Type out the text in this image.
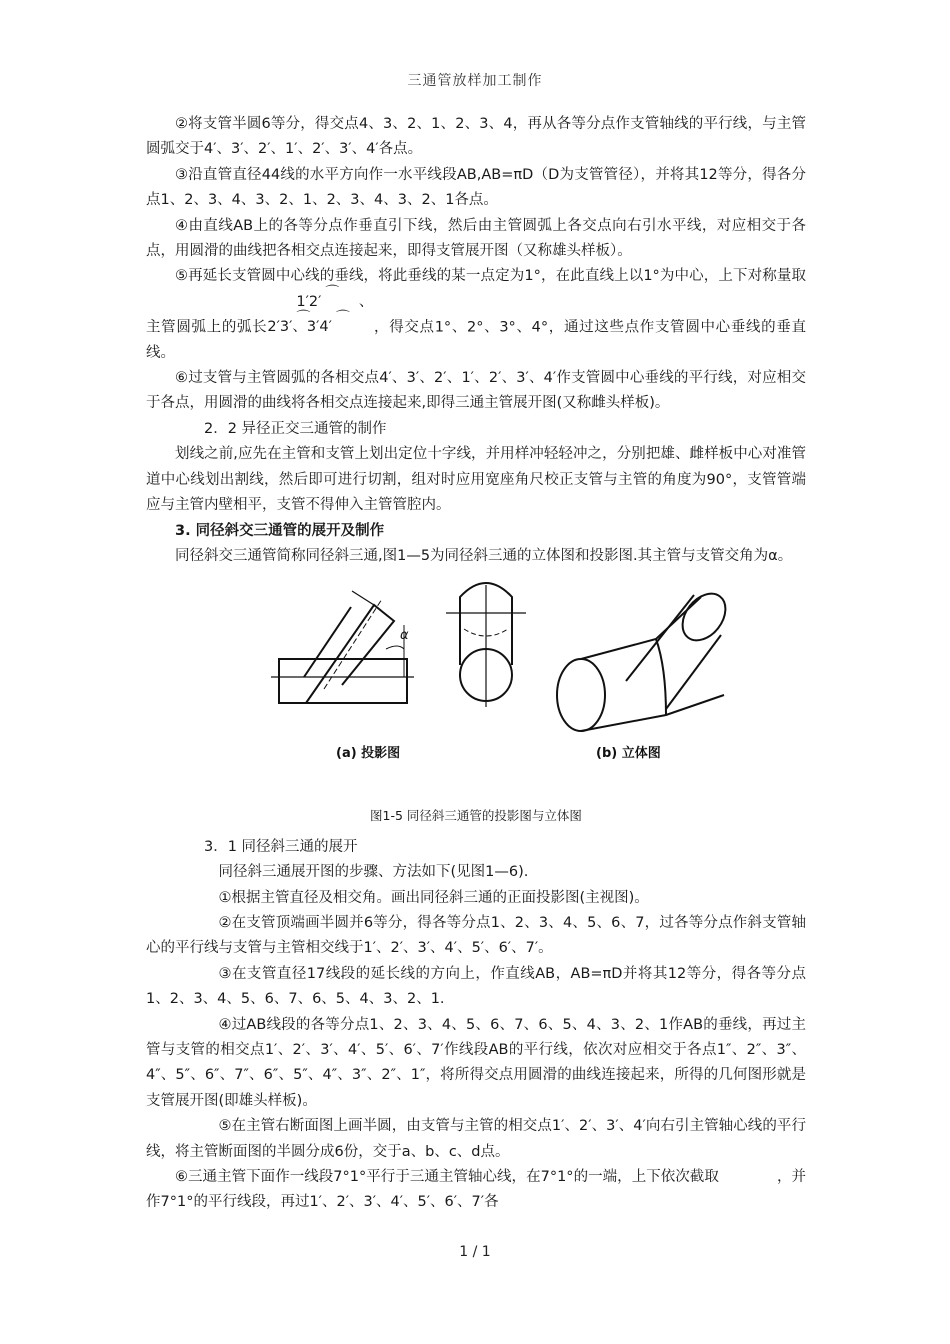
三通管放样加工制作

②将支管半圆6等分，得交点4、3、2、1、2、3、4，再从各等分点作支管轴线的平行线，与主管圆弧交于4′、3′、2′、1′、2′、3′、4′各点。

③沿直管直径44线的水平方向作一水平线段AB,AB=πD（D为支管管径），并将其12等分，得各分点1、2、3、4、3、2、1、2、3、4、3、2、1各点。

④由直线AB上的各等分点作垂直引下线，然后由主管圆弧上各交点向右引水平线，对应相交于各点，用圆滑的曲线把各相交点连接起来，即得支管展开图（又称雄头样板）。

⑤再延长支管圆中心线的垂线，将此垂线的某一点定为1°，在此直线上以1°为中心，上下对称量取主管圆弧上的弧长⌒ 1′2′、⌒ 2′3′、⌒ 3′4′	，得交点1°、2°、3°、4°，通过这些点作支管圆中心垂线的垂直线。

⑥过支管与主管圆弧的各相交点4′、3′、2′、1′、2′、3′、4′作支管圆中心垂线的平行线，对应相交于各点，用圆滑的曲线将各相交点连接起来,即得三通主管展开图(又称雌头样板)。

2．2 异径正交三通管的制作

划线之前,应先在主管和支管上划出定位十字线，并用样冲轻轻冲之，分别把雄、雌样板中心对准管道中心线划出割线，然后即可进行切割，组对时应用宽座角尺校正支管与主管的角度为90°，支管管端应与主管内壁相平，支管不得伸入主管管腔内。

3. 同径斜交三通管的展开及制作

同径斜交三通管简称同径斜三通,图1—5为同径斜三通的立体图和投影图.其主管与支管交角为α。

α
(a) 投影图	(b) 立体图
图1-5 同径斜三通管的投影图与立体图

3．1 同径斜三通的展开

同径斜三通展开图的步骤、方法如下(见图1—6).

①根据主管直径及相交角。画出同径斜三通的正面投影图(主视图)。

②在支管顶端画半圆并6等分，得各等分点1、2、3、4、5、6、7，过各等分点作斜支管轴心的平行线与支管与主管相交线于1′、2′、3′、4′、5′、6′、7′。

③在支管直径17线段的延长线的方向上，作直线AB，AB=πD并将其12等分，得各等分点1、2、3、4、5、6、7、6、5、4、3、2、1.

④过AB线段的各等分点1、2、3、4、5、6、7、6、5、4、3、2、1作AB的垂线，再过主管与支管的相交点1′、2′、3′、4′、5′、6′、7′作线段AB的平行线，依次对应相交于各点1″、2″、3″、4″、5″、6″、7″、6″、5″、4″、3″、2″、1″，将所得交点用圆滑的曲线连接起来，所得的几何图形就是支管展开图(即雄头样板)。

⑤在主管右断面图上画半圆，由支管与主管的相交点1′、2′、3′、4′向右引主管轴心线的平行线，将主管断面图的半圆分成6份，交于a、b、c、d点。

⑥三通主管下面作一线段7°1°平行于三通主管轴心线，在7°1°的一端，上下依次截取　　　　，并作7°1°的平行线段，再过1′、2′、3′、4′、5′、6′、7′各

1 / 1
